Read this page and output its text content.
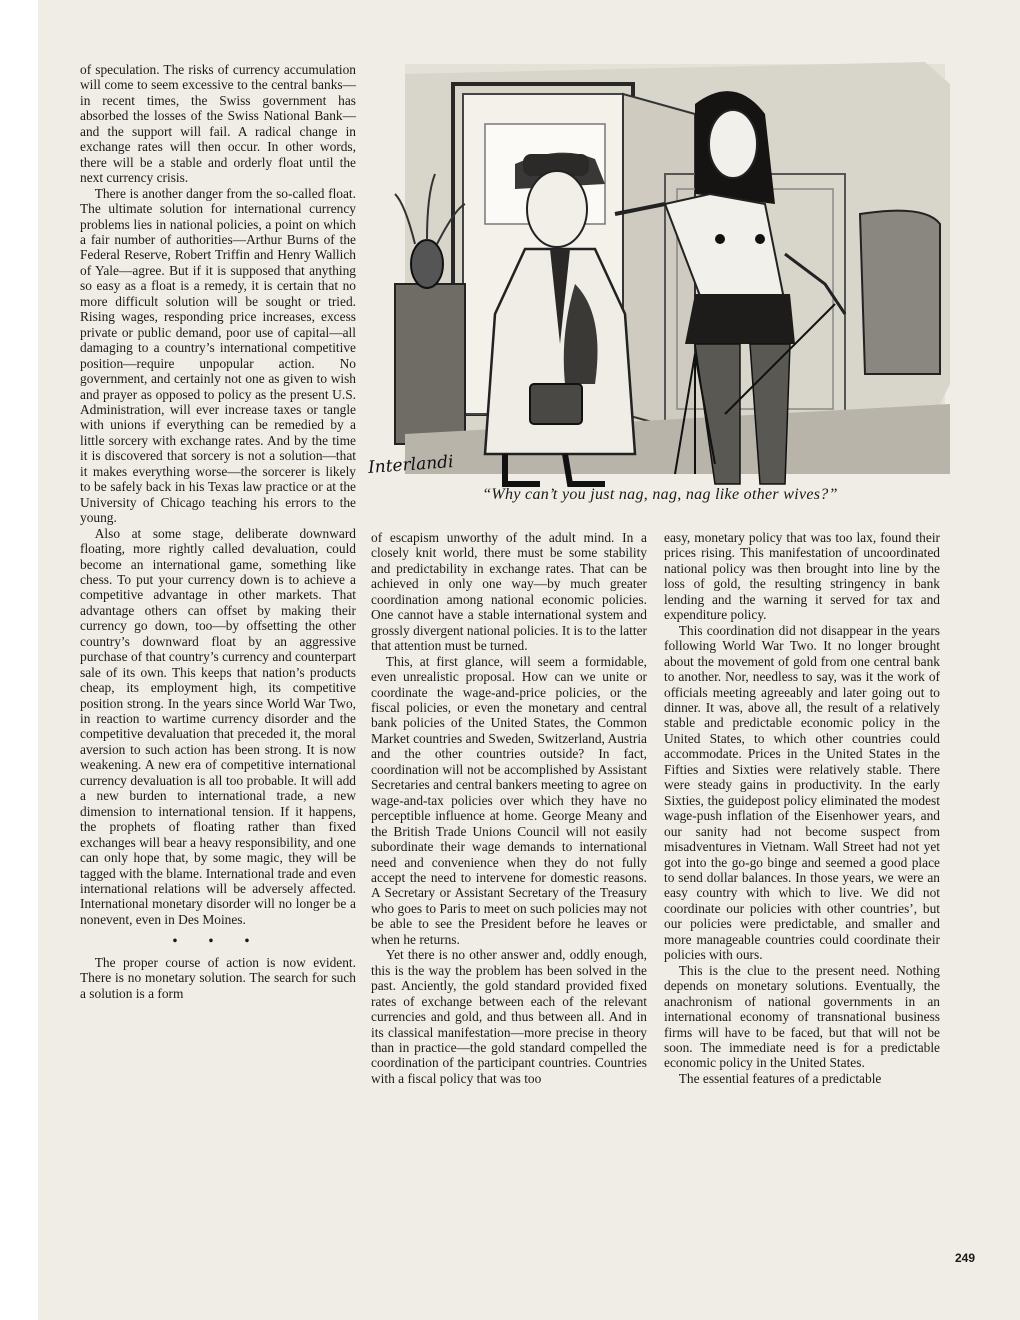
Interlandi
“Why can’t you just nag, nag, nag like other wives?”

of speculation. The risks of currency accumulation will come to seem excessive to the central banks—in recent times, the Swiss government has absorbed the losses of the Swiss National Bank—and the support will fail. A radical change in exchange rates will then occur. In other words, there will be a stable and orderly float until the next currency crisis.

There is another danger from the so-called float. The ultimate solution for international currency problems lies in national policies, a point on which a fair number of authorities—Arthur Burns of the Federal Reserve, Robert Triffin and Henry Wallich of Yale—agree. But if it is supposed that anything so easy as a float is a remedy, it is certain that no more difficult solution will be sought or tried. Rising wages, responding price increases, excess private or public demand, poor use of capital—all damaging to a country’s international competitive position—require unpopular action. No government, and certainly not one as given to wish and prayer as opposed to policy as the present U.S. Administration, will ever increase taxes or tangle with unions if everything can be remedied by a little sorcery with exchange rates. And by the time it is discovered that sorcery is not a solution—that it makes everything worse—the sorcerer is likely to be safely back in his Texas law practice or at the University of Chicago teaching his errors to the young.

Also at some stage, deliberate downward floating, more rightly called devaluation, could become an international game, something like chess. To put your currency down is to achieve a competitive advantage in other markets. That advantage others can offset by making their currency go down, too—by offsetting the other country’s downward float by an aggressive purchase of that country’s currency and counterpart sale of its own. This keeps that nation’s products cheap, its employment high, its competitive position strong. In the years since World War Two, in reaction to wartime currency disorder and the competitive devaluation that preceded it, the moral aversion to such action has been strong. It is now weakening. A new era of competitive international currency devaluation is all too probable. It will add a new burden to international trade, a new dimension to international tension. If it happens, the prophets of floating rather than fixed exchanges will bear a heavy responsibility, and one can only hope that, by some magic, they will be tagged with the blame. International trade and even international relations will be adversely affected. International monetary disorder will no longer be a nonevent, even in Des Moines.

• • •

The proper course of action is now evident. There is no monetary solution. The search for such a solution is a form

of escapism unworthy of the adult mind. In a closely knit world, there must be some stability and predictability in exchange rates. That can be achieved in only one way—by much greater coordination among national economic policies. One cannot have a stable international system and grossly divergent national policies. It is to the latter that attention must be turned.

This, at first glance, will seem a formidable, even unrealistic proposal. How can we unite or coordinate the wage-and-price policies, or the fiscal policies, or even the monetary and central bank policies of the United States, the Common Market countries and Sweden, Switzerland, Austria and the other countries outside? In fact, coordination will not be accomplished by Assistant Secretaries and central bankers meeting to agree on wage-and-tax policies over which they have no perceptible influence at home. George Meany and the British Trade Unions Council will not easily subordinate their wage demands to international need and convenience when they do not fully accept the need to intervene for domestic reasons. A Secretary or Assistant Secretary of the Treasury who goes to Paris to meet on such policies may not be able to see the President before he leaves or when he returns.

Yet there is no other answer and, oddly enough, this is the way the problem has been solved in the past. Anciently, the gold standard provided fixed rates of exchange between each of the relevant currencies and gold, and thus between all. And in its classical manifestation—more precise in theory than in practice—the gold standard compelled the coordination of the participant countries. Countries with a fiscal policy that was too

easy, monetary policy that was too lax, found their prices rising. This manifestation of uncoordinated national policy was then brought into line by the loss of gold, the resulting stringency in bank lending and the warning it served for tax and expenditure policy.

This coordination did not disappear in the years following World War Two. It no longer brought about the movement of gold from one central bank to another. Nor, needless to say, was it the work of officials meeting agreeably and later going out to dinner. It was, above all, the result of a relatively stable and predictable economic policy in the United States, to which other countries could accommodate. Prices in the United States in the Fifties and Sixties were relatively stable. There were steady gains in productivity. In the early Sixties, the guidepost policy eliminated the modest wage-push inflation of the Eisenhower years, and our sanity had not become suspect from misadventures in Vietnam. Wall Street had not yet got into the go-go binge and seemed a good place to send dollar balances. In those years, we were an easy country with which to live. We did not coordinate our policies with other countries’, but our policies were predictable, and smaller and more manageable countries could coordinate their policies with ours.

This is the clue to the present need. Nothing depends on monetary solutions. Eventually, the anachronism of national governments in an international economy of transnational business firms will have to be faced, but that will not be soon. The immediate need is for a predictable economic policy in the United States.

The essential features of a predictable

249
